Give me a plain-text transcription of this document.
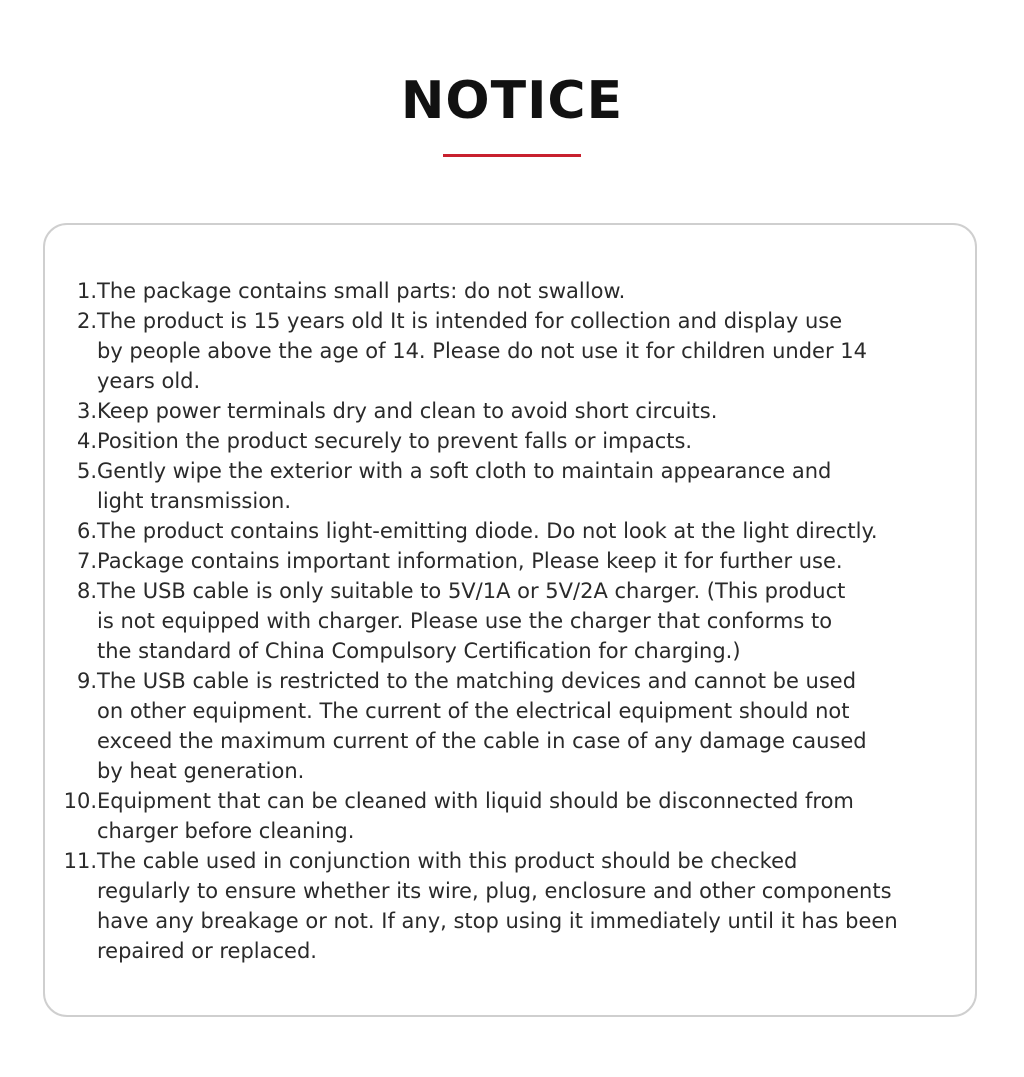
NOTICE
1. The package contains small parts: do not swallow.
2. The product is 15 years old It is intended for collection and display use
by people above the age of 14. Please do not use it for children under 14
years old.
3. Keep power terminals dry and clean to avoid short circuits.
4. Position the product securely to prevent falls or impacts.
5. Gently wipe the exterior with a soft cloth to maintain appearance and
light transmission.
6. The product contains light-emitting diode. Do not look at the light directly.
7. Package contains important information, Please keep it for further use.
8. The USB cable is only suitable to 5V/1A or 5V/2A charger. (This product
is not equipped with charger. Please use the charger that conforms to
the standard of China Compulsory Certification for charging.)
9. The USB cable is restricted to the matching devices and cannot be used
on other equipment. The current of the electrical equipment should not
exceed the maximum current of the cable in case of any damage caused
by heat generation.
10. Equipment that can be cleaned with liquid should be disconnected from
charger before cleaning.
11. The cable used in conjunction with this product should be checked
regularly to ensure whether its wire, plug, enclosure and other components
have any breakage or not. If any, stop using it immediately until it has been
repaired or replaced.
